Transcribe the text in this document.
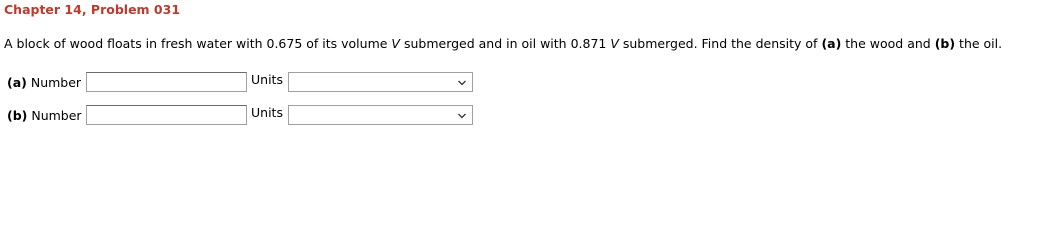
Chapter 14, Problem 031
A block of wood floats in fresh water with 0.675 of its volume V submerged and in oil with 0.871 V submerged. Find the density of (a) the wood and (b) the oil.
(a) Number	Units
(b) Number	Units
